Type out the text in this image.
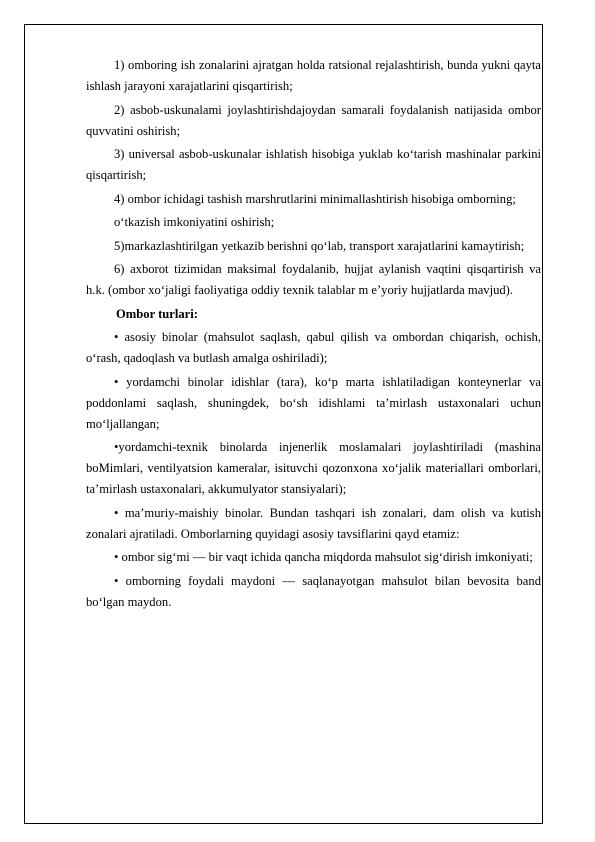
1) omboring ish zonalarini ajratgan holda ratsional rejalashtirish, bunda yukni qayta ishlash jarayoni xarajatlarini qisqartirish;

2) asbob-uskunalami joylashtirishdajoydan samarali foydalanish natijasida ombor quvvatini oshirish;

3) universal asbob-uskunalar ishlatish hisobiga yuklab ko‘tarish mashinalar parkini qisqartirish;

4) ombor ichidagi tashish marshrutlarini minimallashtirish hisobiga omborning;

o‘tkazish imkoniyatini oshirish;

5)markazlashtirilgan yetkazib berishni qo‘lab, transport xarajatlarini kamaytirish;

6) axborot tizimidan maksimal foydalanib, hujjat aylanish vaqtini qisqartirish va h.k. (ombor xo‘jaligi faoliyatiga oddiy texnik talablar m e’yoriy hujjatlarda mavjud).

Ombor turlari:

• asosiy binolar (mahsulot saqlash, qabul qilish va ombordan chiqarish, ochish, o‘rash, qadoqlash va butlash amalga oshiriladi);

• yordamchi binolar idishlar (tara), ko‘p marta ishlatiladigan konteynerlar va poddonlami saqlash, shuningdek, bo‘sh idishlami ta’mirlash ustaxonalari uchun mo‘ljallangan;

•yordamchi-texnik binolarda injenerlik moslamalari joylashtiriladi (mashina boMimlari, ventilyatsion kameralar, isituvchi qozonxona xo‘jalik materiallari omborlari, ta’mirlash ustaxonalari, akkumulyator stansiyalari);

• ma’muriy-maishiy binolar. Bundan tashqari ish zonalari, dam olish va kutish zonalari ajratiladi. Omborlarning quyidagi asosiy tavsiflarini qayd etamiz:

• ombor sig‘mi — bir vaqt ichida qancha miqdorda mahsulot sig‘dirish imkoniyati;

• omborning foydali maydoni — saqlanayotgan mahsulot bilan bevosita band bo‘lgan maydon.
